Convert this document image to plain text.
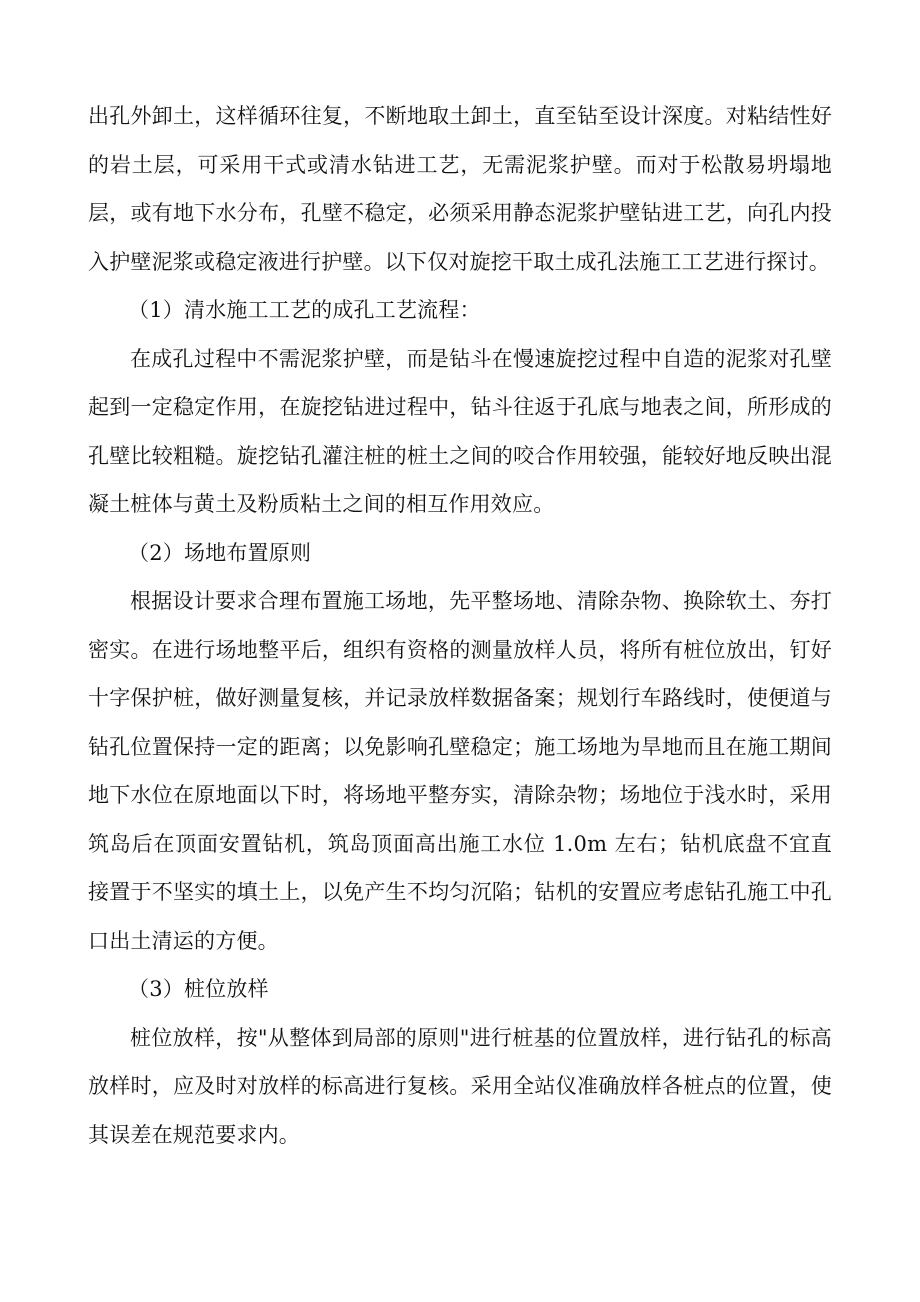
出孔外卸土，这样循环往复，不断地取土卸土，直至钻至设计深度。对粘结性好的岩土层，可采用干式或清水钻进工艺，无需泥浆护壁。而对于松散易坍塌地层，或有地下水分布，孔壁不稳定，必须采用静态泥浆护壁钻进工艺，向孔内投入护壁泥浆或稳定液进行护壁。以下仅对旋挖干取土成孔法施工工艺进行探讨。

（1）清水施工工艺的成孔工艺流程：

在成孔过程中不需泥浆护壁，而是钻斗在慢速旋挖过程中自造的泥浆对孔壁起到一定稳定作用，在旋挖钻进过程中，钻斗往返于孔底与地表之间，所形成的孔壁比较粗糙。旋挖钻孔灌注桩的桩土之间的咬合作用较强，能较好地反映出混凝土桩体与黄土及粉质粘土之间的相互作用效应。

（2）场地布置原则

根据设计要求合理布置施工场地，先平整场地、清除杂物、换除软土、夯打密实。在进行场地整平后，组织有资格的测量放样人员，将所有桩位放出，钉好十字保护桩，做好测量复核，并记录放样数据备案；规划行车路线时，使便道与钻孔位置保持一定的距离；以免影响孔壁稳定；施工场地为旱地而且在施工期间地下水位在原地面以下时，将场地平整夯实，清除杂物；场地位于浅水时，采用筑岛后在顶面安置钻机，筑岛顶面高出施工水位 1.0m 左右；钻机底盘不宜直接置于不坚实的填土上，以免产生不均匀沉陷；钻机的安置应考虑钻孔施工中孔口出土清运的方便。

（3）桩位放样

桩位放样，按"从整体到局部的原则"进行桩基的位置放样，进行钻孔的标高放样时，应及时对放样的标高进行复核。采用全站仪准确放样各桩点的位置，使其误差在规范要求内。
